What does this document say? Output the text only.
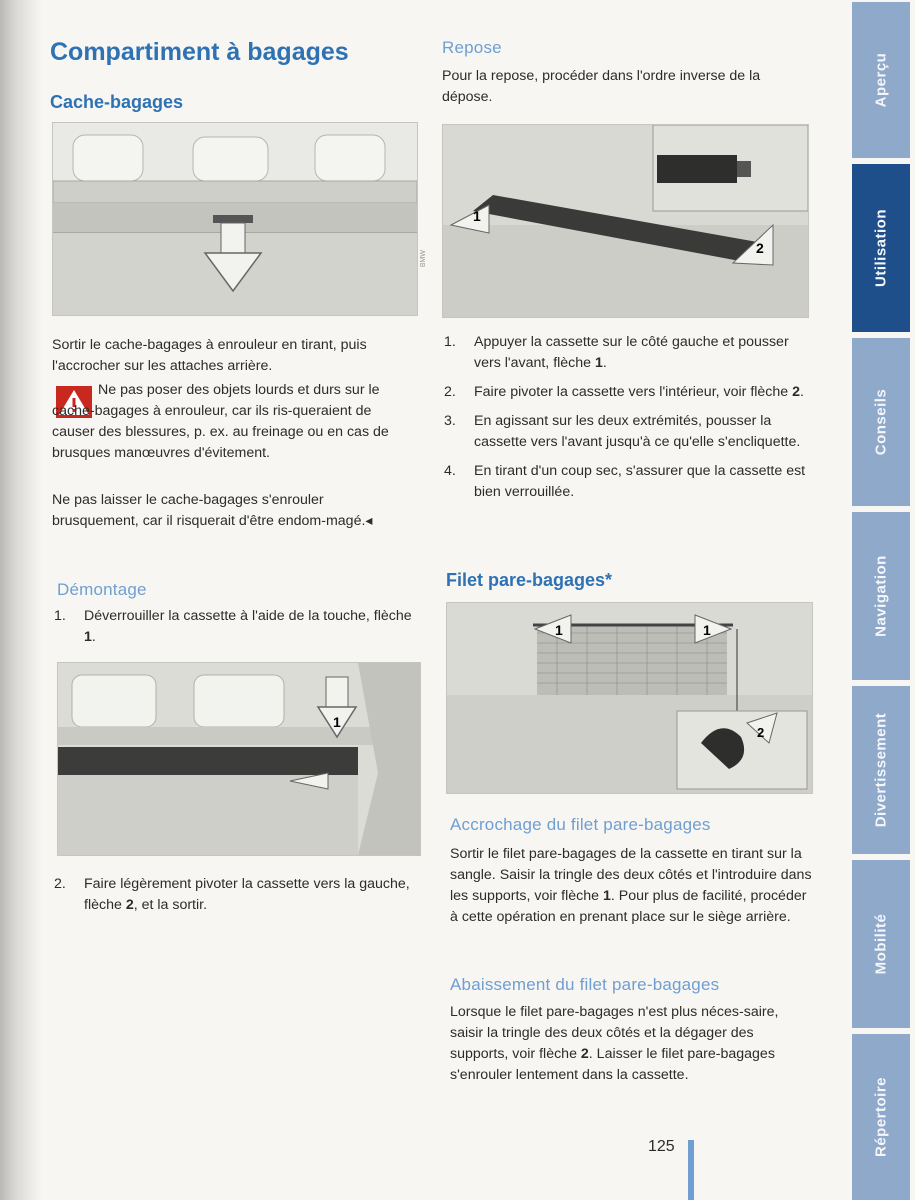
Compartiment à bagages
Cache-bagages
BMW

Sortir le cache-bagages à enrouleur en tirant, puis l'accrocher sur les attaches arrière.

Ne pas poser des objets lourds et durs sur le cache-bagages à enrouleur, car ils ris-queraient de causer des blessures, p. ex. au freinage ou en cas de brusques manœuvres d'évitement.

Ne pas laisser le cache-bagages s'enrouler brusquement, car il risquerait d'être endom-magé.◂

Démontage
1. Déverrouiller la cassette à l'aide de la touche, flèche 1.
1
2. Faire légèrement pivoter la cassette vers la gauche, flèche 2, et la sortir.
Repose

Pour la repose, procéder dans l'ordre inverse de la dépose.

1
2
1. Appuyer la cassette sur le côté gauche et pousser vers l'avant, flèche 1.
2. Faire pivoter la cassette vers l'intérieur, voir flèche 2.
3. En agissant sur les deux extrémités, pousser la cassette vers l'avant jusqu'à ce qu'elle s'encliquette.
4. En tirant d'un coup sec, s'assurer que la cassette est bien verrouillée.
Filet pare-bagages*
1	1
2
Accrochage du filet pare-bagages

Sortir le filet pare-bagages de la cassette en tirant sur la sangle. Saisir la tringle des deux côtés et l'introduire dans les supports, voir flèche 1. Pour plus de facilité, procéder à cette opération en prenant place sur le siège arrière.

Abaissement du filet pare-bagages

Lorsque le filet pare-bagages n'est plus néces-saire, saisir la tringle des deux côtés et la dégager des supports, voir flèche 2. Laisser le filet pare-bagages s'enrouler lentement dans la cassette.

125
Aperçu
Utilisation
Conseils
Navigation
Divertissement
Mobilité
Répertoire
